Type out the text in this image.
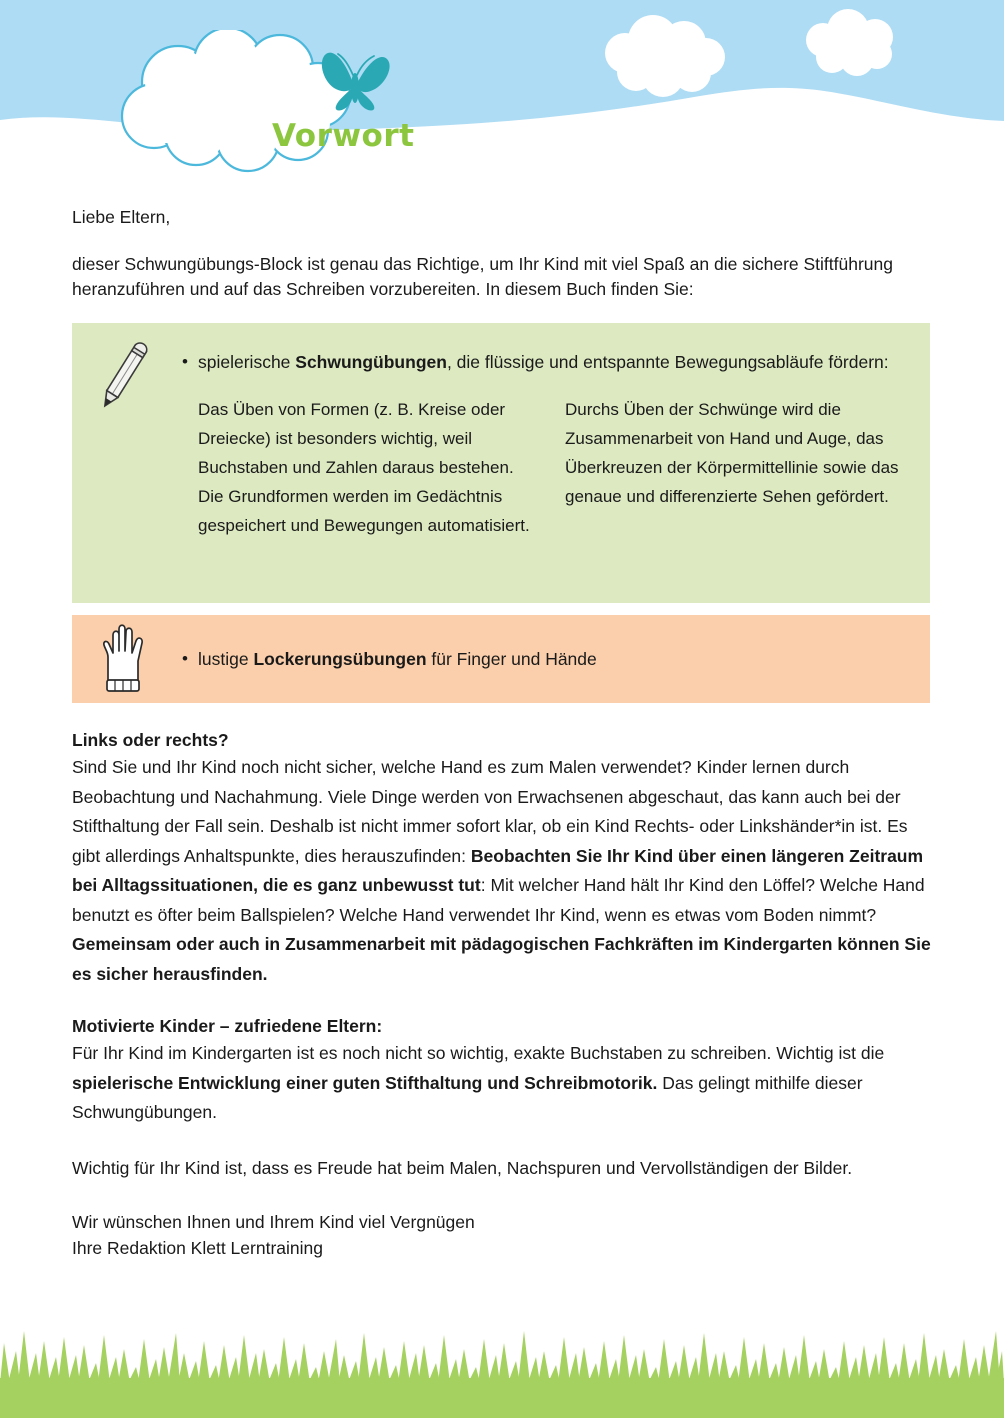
Vorwort

Liebe Eltern,

dieser Schwungübungs-Block ist genau das Richtige, um Ihr Kind mit viel Spaß an die sichere Stiftführung heranzuführen und auf das Schreiben vorzubereiten. In diesem Buch finden Sie:

• spielerische Schwungübungen, die flüssige und entspannte Bewegungsabläufe fördern:
Das Üben von Formen (z. B. Kreise oder Dreiecke) ist besonders wichtig, weil Buchstaben und Zahlen daraus bestehen. Die Grundformen werden im Gedächtnis gespeichert und Bewegungen automatisiert.
Durchs Üben der Schwünge wird die Zusammenarbeit von Hand und Auge, das Überkreuzen der Körpermittellinie sowie das genaue und differenzierte Sehen gefördert.
• lustige Lockerungsübungen für Finger und Hände
Links oder rechts?
Sind Sie und Ihr Kind noch nicht sicher, welche Hand es zum Malen verwendet? Kinder lernen durch Beobachtung und Nachahmung. Viele Dinge werden von Erwachsenen abgeschaut, das kann auch bei der Stifthaltung der Fall sein. Deshalb ist nicht immer sofort klar, ob ein Kind Rechts- oder Linkshänder*in ist. Es gibt allerdings Anhaltspunkte, dies herauszufinden: Beobachten Sie Ihr Kind über einen längeren Zeitraum bei Alltagssituationen, die es ganz unbewusst tut: Mit welcher Hand hält Ihr Kind den Löffel? Welche Hand benutzt es öfter beim Ballspielen? Welche Hand verwendet Ihr Kind, wenn es etwas vom Boden nimmt? Gemeinsam oder auch in Zusammenarbeit mit pädagogischen Fachkräften im Kindergarten können Sie es sicher herausfinden.
Motivierte Kinder – zufriedene Eltern:
Für Ihr Kind im Kindergarten ist es noch nicht so wichtig, exakte Buchstaben zu schreiben. Wichtig ist die spielerische Entwicklung einer guten Stifthaltung und Schreibmotorik. Das gelingt mithilfe dieser Schwungübungen.
Wichtig für Ihr Kind ist, dass es Freude hat beim Malen, Nachspuren und Vervollständigen der Bilder.
Wir wünschen Ihnen und Ihrem Kind viel Vergnügen
Ihre Redaktion Klett Lerntraining
